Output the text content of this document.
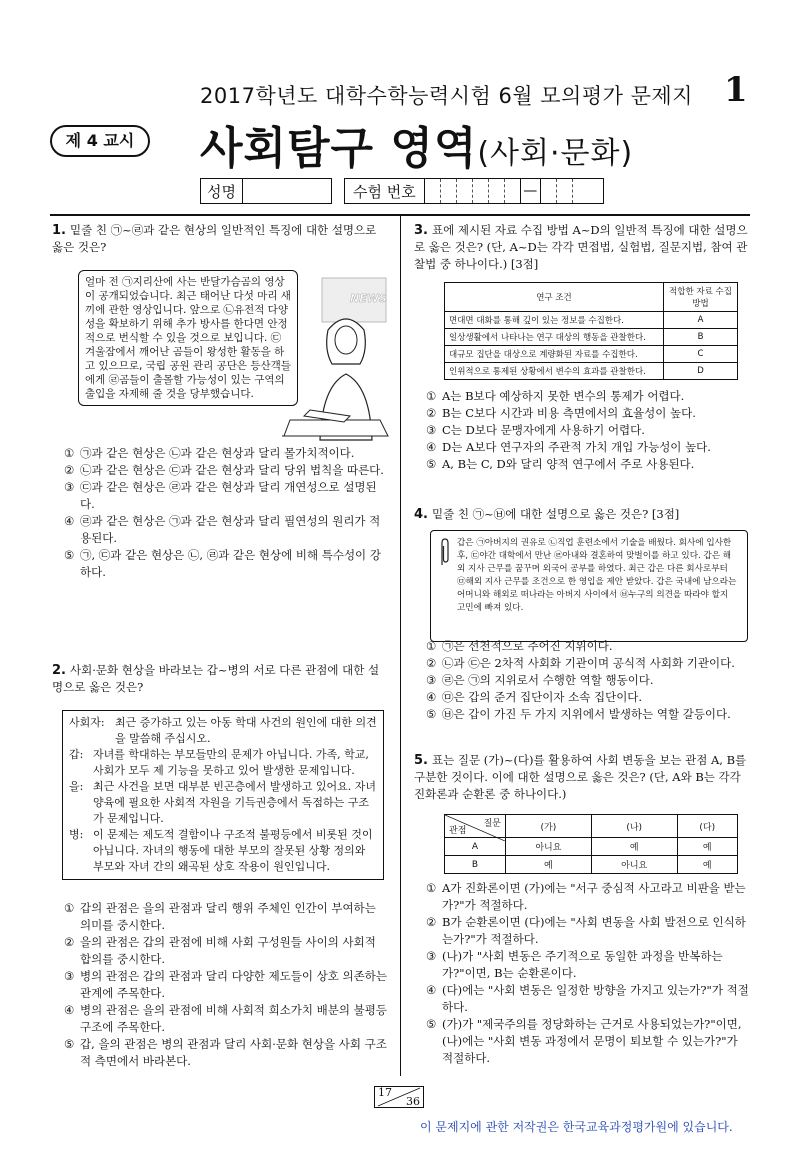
2017학년도 대학수학능력시험 6월 모의평가 문제지 1
제 4 교시	사회탐구 영역(사회·문화)
성명	수험 번호	—
1. 밑줄 친 ㉠~㉣과 같은 현상의 일반적인 특징에 대한 설명으로 옳은 것은?
얼마 전 ㉠지리산에 사는 반달가슴곰의 영상이 공개되었습니다. 최근 태어난 다섯 마리 새끼에 관한 영상입니다. 앞으로 ㉡유전적 다양성을 확보하기 위해 추가 방사를 한다면 안정적으로 번식할 수 있을 것으로 보입니다. ㉢겨울잠에서 깨어난 곰들이 왕성한 활동을 하고 있으므로, 국립 공원 관리 공단은 등산객들에게 ㉣곰들이 출몰할 가능성이 있는 구역의 출입을 자제해 줄 것을 당부했습니다.
NEWS
① ㉠과 같은 현상은 ㉡과 같은 현상과 달리 몰가치적이다.
② ㉡과 같은 현상은 ㉢과 같은 현상과 달리 당위 법칙을 따른다.
③ ㉢과 같은 현상은 ㉣과 같은 현상과 달리 개연성으로 설명된다.
④ ㉣과 같은 현상은 ㉠과 같은 현상과 달리 필연성의 원리가 적용된다.
⑤ ㉠, ㉢과 같은 현상은 ㉡, ㉣과 같은 현상에 비해 특수성이 강하다.
2. 사회·문화 현상을 바라보는 갑~병의 서로 다른 관점에 대한 설명으로 옳은 것은?
사회자: 최근 증가하고 있는 아동 학대 사건의 원인에 대한 의견을 말씀해 주십시오.
갑: 자녀를 학대하는 부모들만의 문제가 아닙니다. 가족, 학교, 사회가 모두 제 기능을 못하고 있어 발생한 문제입니다.
을: 최근 사건을 보면 대부분 빈곤층에서 발생하고 있어요. 자녀 양육에 필요한 사회적 자원을 기득권층에서 독점하는 구조가 문제입니다.
병: 이 문제는 제도적 결함이나 구조적 불평등에서 비롯된 것이 아닙니다. 자녀의 행동에 대한 부모의 잘못된 상황 정의와 부모와 자녀 간의 왜곡된 상호 작용이 원인입니다.
① 갑의 관점은 을의 관점과 달리 행위 주체인 인간이 부여하는 의미를 중시한다.
② 을의 관점은 갑의 관점에 비해 사회 구성원들 사이의 사회적 합의를 중시한다.
③ 병의 관점은 갑의 관점과 달리 다양한 제도들이 상호 의존하는 관계에 주목한다.
④ 병의 관점은 을의 관점에 비해 사회적 희소가치 배분의 불평등 구조에 주목한다.
⑤ 갑, 을의 관점은 병의 관점과 달리 사회·문화 현상을 사회 구조적 측면에서 바라본다.
3. 표에 제시된 자료 수집 방법 A~D의 일반적 특징에 대한 설명으로 옳은 것은? (단, A~D는 각각 면접법, 실험법, 질문지법, 참여 관찰법 중 하나이다.) [3점]
연구 조건	적합한 자료 수집 방법
면대면 대화를 통해 깊이 있는 정보를 수집한다.	A
일상생활에서 나타나는 연구 대상의 행동을 관찰한다.	B
대규모 집단을 대상으로 계량화된 자료를 수집한다.	C
인위적으로 통제된 상황에서 변수의 효과를 관찰한다.	D
① A는 B보다 예상하지 못한 변수의 통제가 어렵다.
② B는 C보다 시간과 비용 측면에서의 효율성이 높다.
③ C는 D보다 문맹자에게 사용하기 어렵다.
④ D는 A보다 연구자의 주관적 가치 개입 가능성이 높다.
⑤ A, B는 C, D와 달리 양적 연구에서 주로 사용된다.
4. 밑줄 친 ㉠~㉥에 대한 설명으로 옳은 것은? [3점]
갑은 ㉠아버지의 권유로 ㉡직업 훈련소에서 기술을 배웠다. 회사에 입사한 후, ㉢야간 대학에서 만난 ㉣아내와 결혼하여 맞벌이를 하고 있다. 갑은 해외 지사 근무를 꿈꾸며 외국어 공부를 하였다. 최근 갑은 다른 회사로부터 ㉤해외 지사 근무를 조건으로 한 영입을 제안 받았다. 갑은 국내에 남으라는 어머니와 해외로 떠나라는 아버지 사이에서 ㉥누구의 의견을 따라야 할지 고민에 빠져 있다.
① ㉠은 선천적으로 주어진 지위이다.
② ㉡과 ㉢은 2차적 사회화 기관이며 공식적 사회화 기관이다.
③ ㉣은 ㉠의 지위로서 수행한 역할 행동이다.
④ ㉤은 갑의 준거 집단이자 소속 집단이다.
⑤ ㉥은 갑이 가진 두 가지 지위에서 발생하는 역할 갈등이다.
5. 표는 질문 (가)~(다)를 활용하여 사회 변동을 보는 관점 A, B를 구분한 것이다. 이에 대한 설명으로 옳은 것은? (단, A와 B는 각각 진화론과 순환론 중 하나이다.)
질문
관점	(가)	(나)	(다)
A	아니요	예	예
B	예	아니요	예
① A가 진화론이면 (가)에는 "서구 중심적 사고라고 비판을 받는가?"가 적절하다.
② B가 순환론이면 (다)에는 "사회 변동을 사회 발전으로 인식하는가?"가 적절하다.
③ (나)가 "사회 변동은 주기적으로 동일한 과정을 반복하는가?"이면, B는 순환론이다.
④ (다)에는 "사회 변동은 일정한 방향을 가지고 있는가?"가 적절하다.
⑤ (가)가 "제국주의를 정당화하는 근거로 사용되었는가?"이면, (나)에는 "사회 변동 과정에서 문명이 퇴보할 수 있는가?"가 적절하다.
17
36
이 문제지에 관한 저작권은 한국교육과정평가원에 있습니다.
